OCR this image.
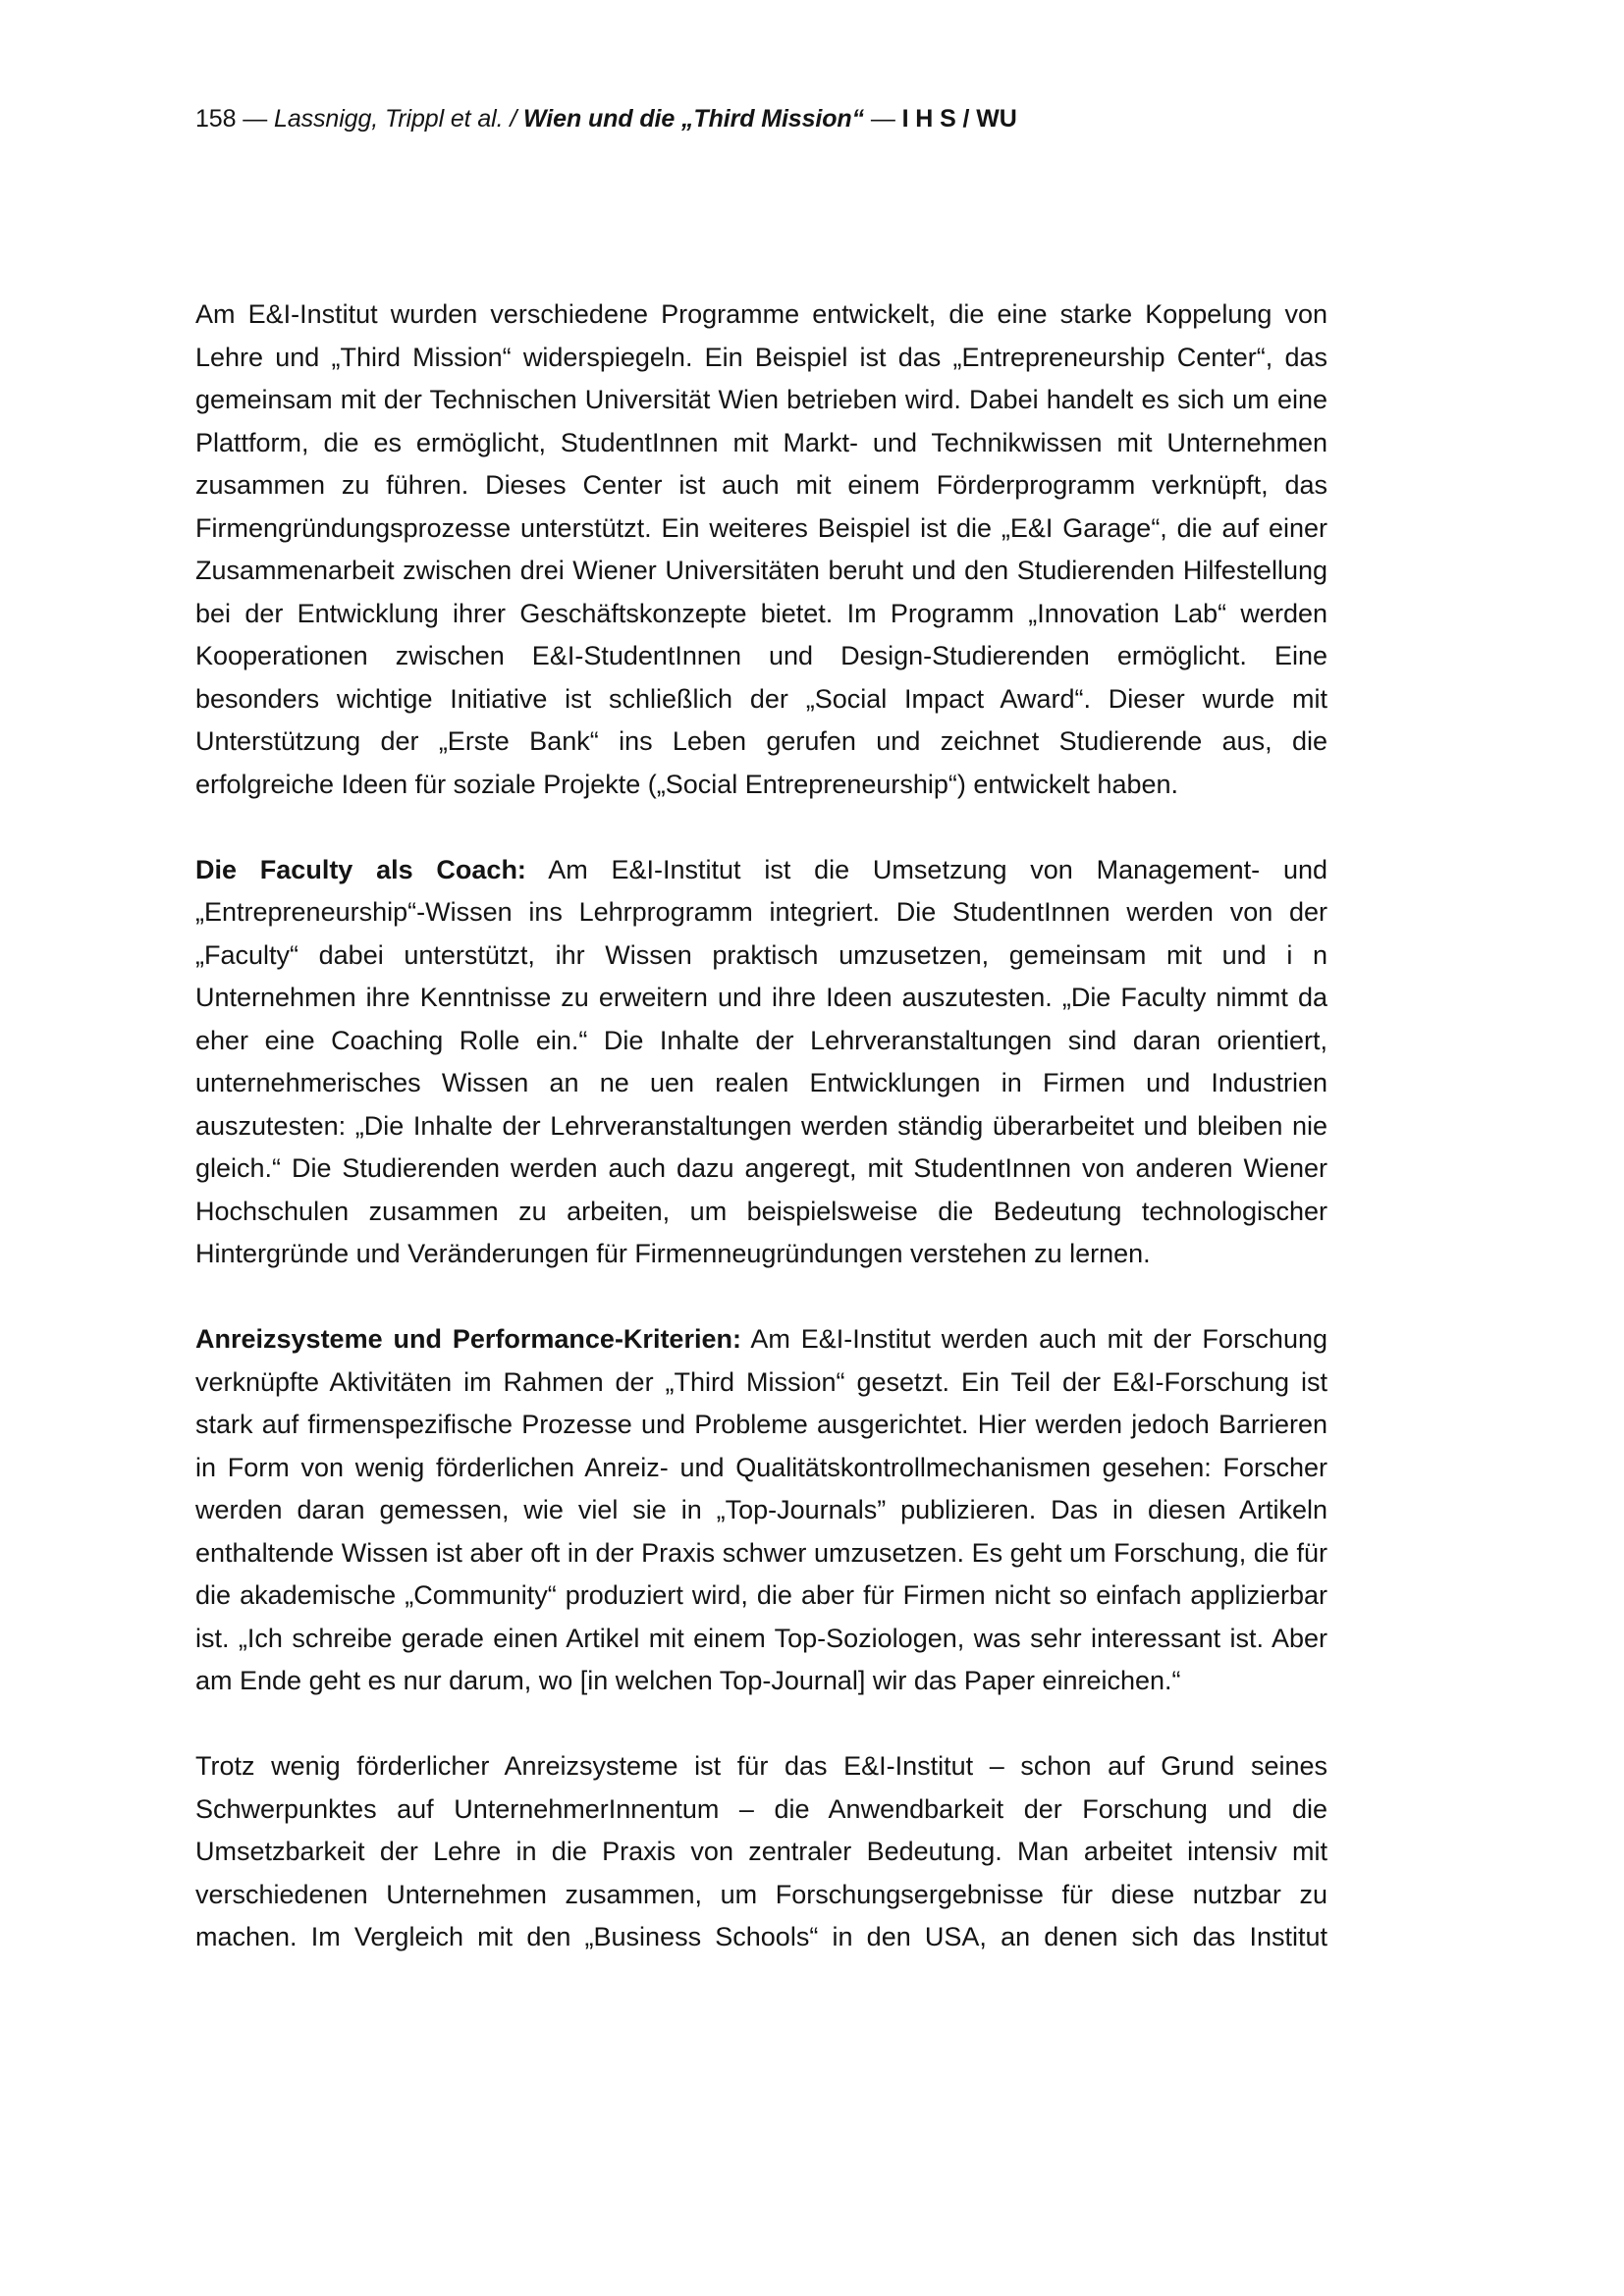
158 — Lassnigg, Trippl et al. / Wien und die „Third Mission“ — I H S / WU

Am E&I-Institut wurden verschiedene Programme entwickelt, die eine starke Koppelung von Lehre und „Third Mission“ widerspiegeln. Ein Beispiel ist das „Entrepreneurship Center“, das gemeinsam mit der Technischen Universität Wien betrieben wird. Dabei handelt es sich um eine Plattform, die es ermöglicht, StudentInnen mit Markt- und Technikwissen mit Unternehmen zusammen zu führen. Dieses Center ist auch mit einem Förderprogramm verknüpft, das Firmengründungsprozesse unterstützt. Ein weiteres Beispiel ist die „E&I Garage“, die auf einer Zusammenarbeit zwischen drei Wiener Universitäten beruht und den Studierenden Hilfestellung bei der Entwicklung ihrer Geschäftskonzepte bietet. Im Programm „Innovation Lab“ werden Kooperationen zwischen E&I-StudentInnen und Design-Studierenden ermöglicht. Eine besonders wichtige Initiative ist schließlich der „Social Impact Award“. Dieser wurde mit Unterstützung der „Erste Bank“ ins Leben gerufen und zeichnet Studierende aus, die erfolgreiche Ideen für soziale Projekte („Social Entrepreneurship“) entwickelt haben.

Die Faculty als Coach: Am E&I-Institut ist die Umsetzung von Management- und „Entrepreneurship“-Wissen ins Lehrprogramm integriert. Die StudentInnen werden von der „Faculty“ dabei unterstützt, ihr Wissen praktisch umzusetzen, gemeinsam mit und i n Unternehmen ihre Kenntnisse zu erweitern und ihre Ideen auszutesten. „Die Faculty nimmt da eher eine Coaching Rolle ein.“ Die Inhalte der Lehrveranstaltungen sind daran orientiert, unternehmerisches Wissen an ne uen realen Entwicklungen in Firmen und Industrien auszutesten: „Die Inhalte der Lehrveranstaltungen werden ständig überarbeitet und bleiben nie gleich.“ Die Studierenden werden auch dazu angeregt, mit StudentInnen von anderen Wiener Hochschulen zusammen zu arbeiten, um beispielsweise die Bedeutung technologischer Hintergründe und Veränderungen für Firmenneugründungen verstehen zu lernen.

Anreizsysteme und Performance-Kriterien: Am E&I-Institut werden auch mit der Forschung verknüpfte Aktivitäten im Rahmen der „Third Mission“ gesetzt. Ein Teil der E&I-Forschung ist stark auf firmenspezifische Prozesse und Probleme ausgerichtet. Hier werden jedoch Barrieren in Form von wenig förderlichen Anreiz- und Qualitätskontrollmechanismen gesehen: Forscher werden daran gemessen, wie viel sie in „Top-Journals” publizieren. Das in diesen Artikeln enthaltende Wissen ist aber oft in der Praxis schwer umzusetzen. Es geht um Forschung, die für die akademische „Community“ produziert wird, die aber für Firmen nicht so einfach applizierbar ist. „Ich schreibe gerade einen Artikel mit einem Top-Soziologen, was sehr interessant ist. Aber am Ende geht es nur darum, wo [in welchen Top-Journal] wir das Paper einreichen.“

Trotz wenig förderlicher Anreizsysteme ist für das E&I-Institut – schon auf Grund seines Schwerpunktes auf UnternehmerInnentum – die Anwendbarkeit der Forschung und die Umsetzbarkeit der Lehre in die Praxis von zentraler Bedeutung. Man arbeitet intensiv mit verschiedenen Unternehmen zusammen, um Forschungsergebnisse für diese nutzbar zu machen. Im Vergleich mit den „Business Schools“ in den USA, an denen sich das Institut
